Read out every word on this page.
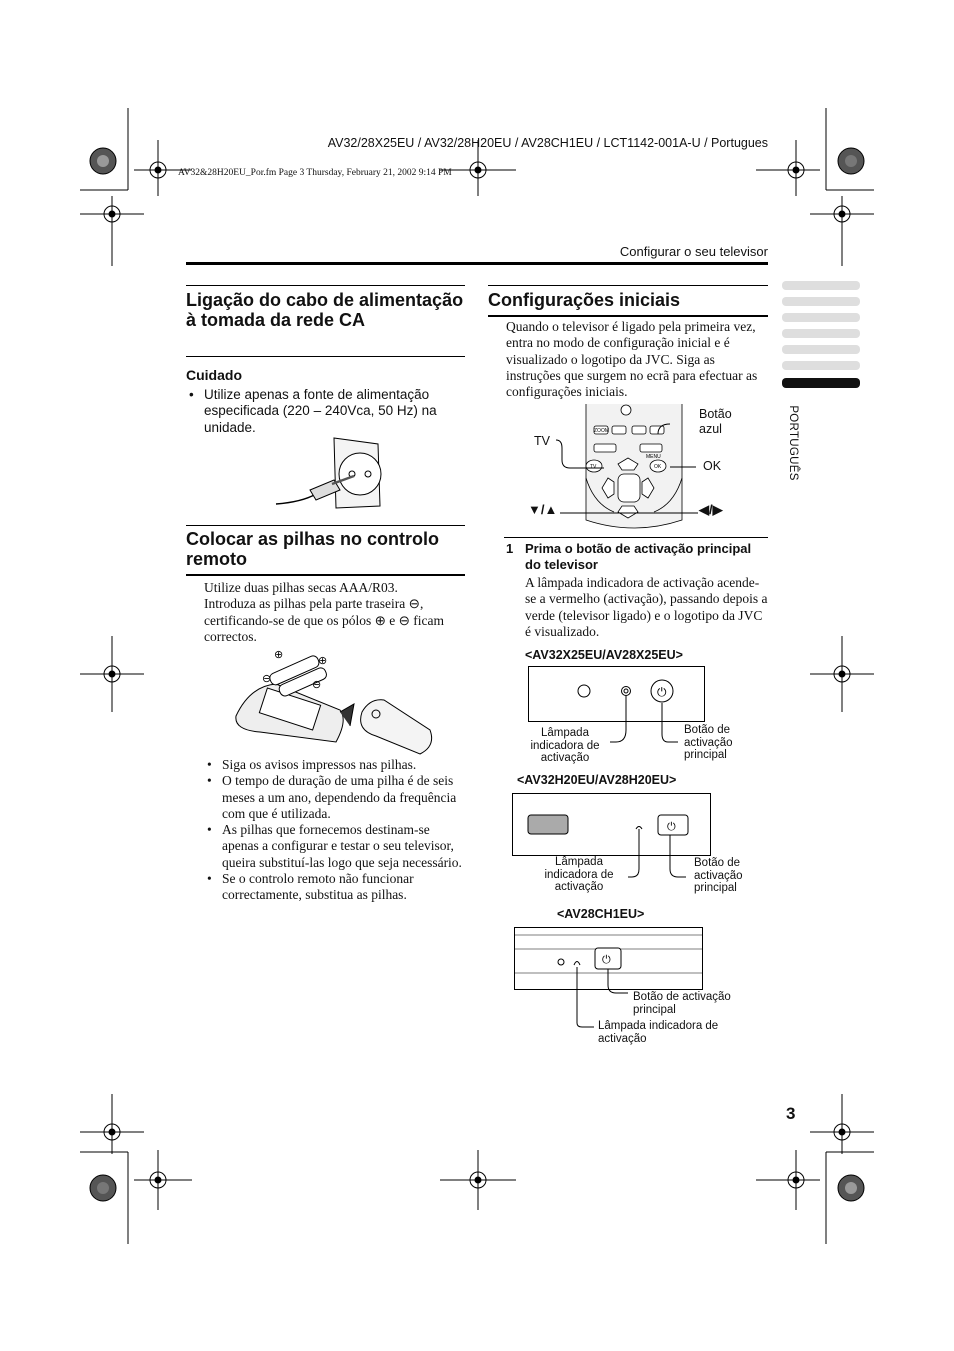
AV32/28X25EU / AV32/28H20EU / AV28CH1EU / LCT1142-001A-U / Portugues
AV32&28H20EU_Por.fm Page 3 Thursday, February 21, 2002 9:14 PM
Configurar o seu televisor
PORTUGUÊS
Ligação do cabo de alimentação à tomada da rede CA
Cuidado
• Utilize apenas a fonte de alimentação especificada (220 – 240Vca, 50 Hz) na unidade.
Colocar as pilhas no controlo remoto
Utilize duas pilhas secas AAA/R03.
Introduza as pilhas pela parte traseira ⊖, certificando-se de que os pólos ⊕ e ⊖ ficam correctos.
⊕	⊕
⊖	⊖
• Siga os avisos impressos nas pilhas.
• O tempo de duração de uma pilha é de seis meses a um ano, dependendo da frequência com que é utilizada.
• As pilhas que fornecemos destinam-se apenas a configurar e testar o seu televisor, queira substituí-las logo que seja necessário.
• Se o controlo remoto não funcionar correctamente, substitua as pilhas.
Configurações iniciais
Quando o televisor é ligado pela primeira vez, entra no modo de configuração inicial e é visualizado o logotipo da JVC. Siga as instruções que surgem no ecrã para efectuar as configurações iniciais.
ZOOM
MENU
OK
TV
TV
▼/▲
Botão azul
OK
◀/▶
1 Prima o botão de activação principal do televisor
A lâmpada indicadora de activação acende-se a vermelho (activação), passando depois a verde (televisor ligado) e o logotipo da JVC é visualizado.
<AV32X25EU/AV28X25EU>
⏻
Lâmpada indicadora de activação
Botão de activação principal
<AV32H20EU/AV28H20EU>
⏻
Lâmpada indicadora de activação
Botão de activação principal
<AV28CH1EU>
⏻
Botão de activação principal
Lâmpada indicadora de activação
3
